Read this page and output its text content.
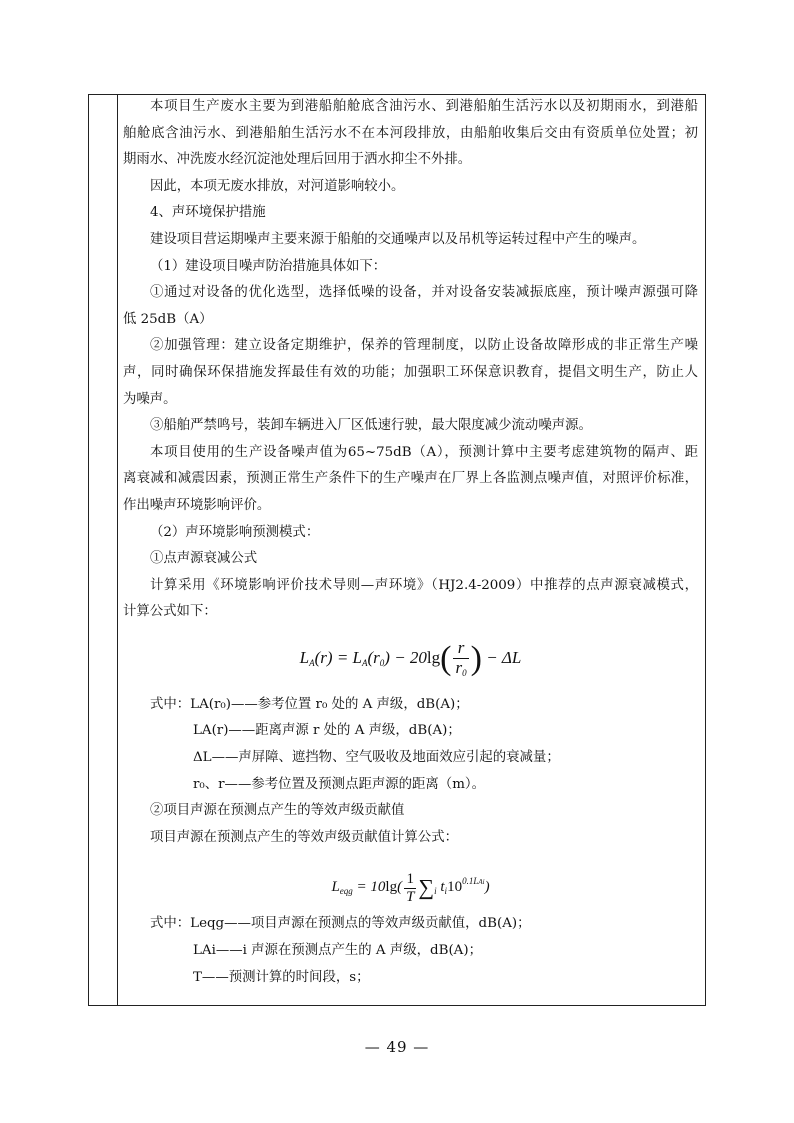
本项目生产废水主要为到港船舶舱底含油污水、到港船舶生活污水以及初期雨水，到港船

舶舱底含油污水、到港船舶生活污水不在本河段排放，由船舶收集后交由有资质单位处置；初

期雨水、冲洗废水经沉淀池处理后回用于洒水抑尘不外排。

因此，本项无废水排放，对河道影响较小。

4、声环境保护措施

建设项目营运期噪声主要来源于船舶的交通噪声以及吊机等运转过程中产生的噪声。

（1）建设项目噪声防治措施具体如下：

①通过对设备的优化选型，选择低噪的设备，并对设备安装减振底座，预计噪声源强可降

低 25dB（A）

②加强管理：建立设备定期维护，保养的管理制度，以防止设备故障形成的非正常生产噪

声，同时确保环保措施发挥最佳有效的功能；加强职工环保意识教育，提倡文明生产，防止人

为噪声。

③船舶严禁鸣号，装卸车辆进入厂区低速行驶，最大限度减少流动噪声源。

本项目使用的生产设备噪声值为65~75dB（A），预测计算中主要考虑建筑物的隔声、距

离衰减和减震因素，预测正常生产条件下的生产噪声在厂界上各监测点噪声值，对照评价标准，

作出噪声环境影响评价。

（2）声环境影响预测模式：

①点声源衰减公式

计算采用《环境影响评价技术导则—声环境》（HJ2.4-2009）中推荐的点声源衰减模式，

计算公式如下：

$LA(r) = LA(r0) - 20\lg( \frac{r}{r0}$ ) − ΔL

式中：LA(r₀)——参考位置 r₀ 处的 A 声级，dB(A)；

LA(r)——距离声源 r 处的 A 声级，dB(A)；

ΔL——声屏障、遮挡物、空气吸收及地面效应引起的衰减量；

r₀、r——参考位置及预测点距声源的距离（m）。

②项目声源在预测点产生的等效声级贡献值

项目声源在预测点产生的等效声级贡献值计算公式：

$L_{eqg} = 10\lg( \frac{1}{T} \sum_i$ $t_i10^{0.1LAi}$)

式中：Leqg——项目声源在预测点的等效声级贡献值，dB(A)；

LAi——i 声源在预测点产生的 A 声级，dB(A)；

T——预测计算的时间段，s；

— 49 —
